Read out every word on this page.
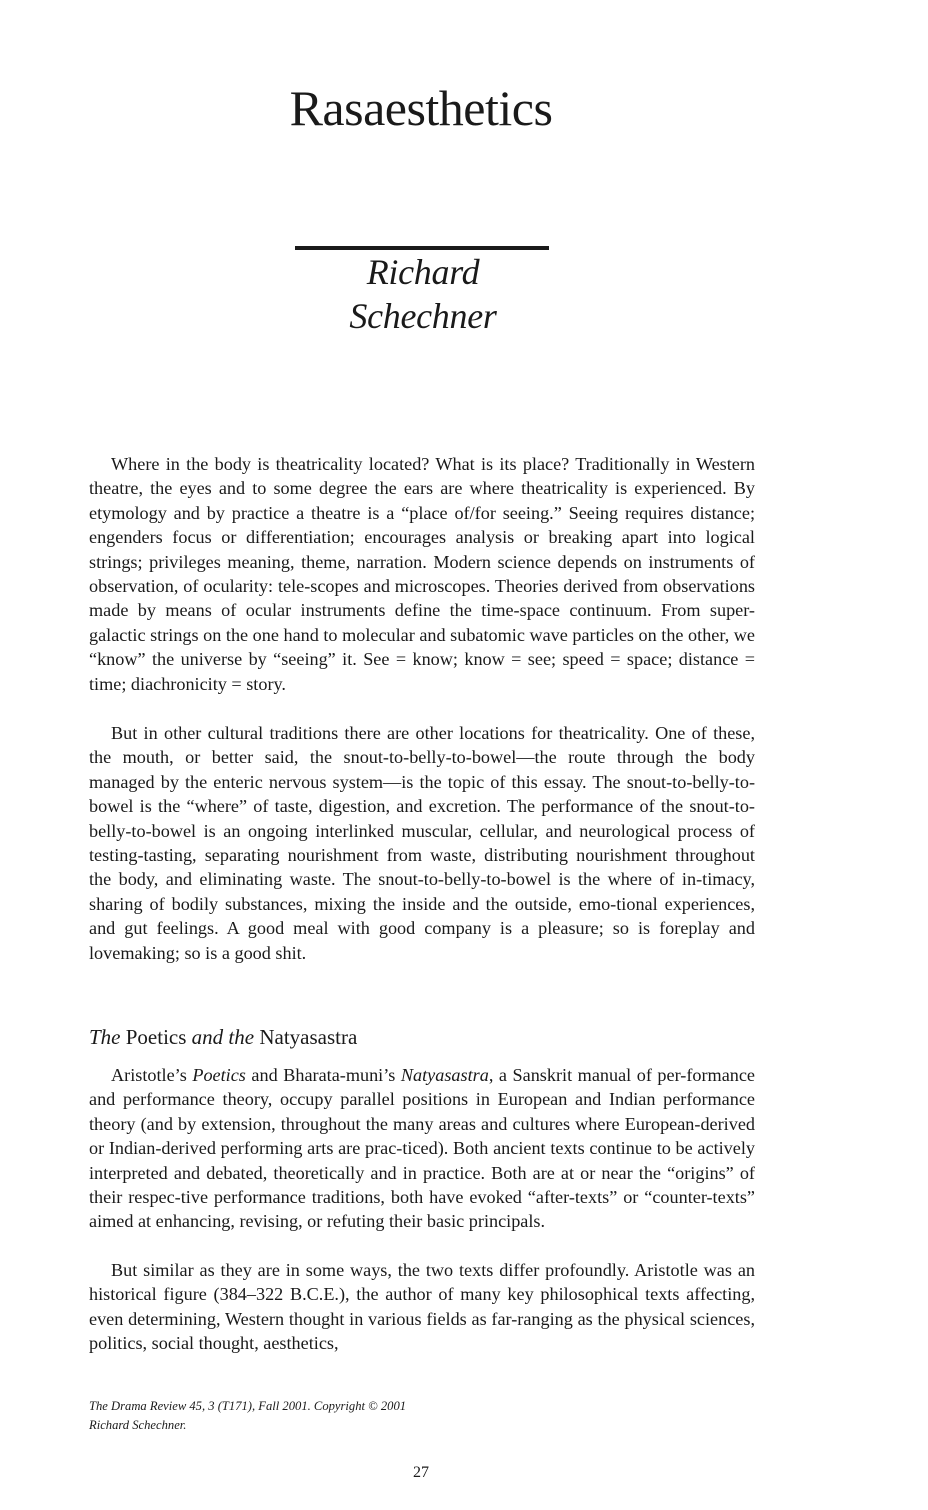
Rasaesthetics
Richard Schechner

Where in the body is theatricality located? What is its place? Traditionally in Western theatre, the eyes and to some degree the ears are where theatricality is experienced. By etymology and by practice a theatre is a “place of/for seeing.” Seeing requires distance; engenders focus or differentiation; encourages analysis or breaking apart into logical strings; privileges meaning, theme, narration. Modern science depends on instruments of observation, of ocularity: tele-scopes and microscopes. Theories derived from observations made by means of ocular instruments define the time-space continuum. From super-galactic strings on the one hand to molecular and subatomic wave particles on the other, we “know” the universe by “seeing” it. See = know; know = see; speed = space; distance = time; diachronicity = story.

But in other cultural traditions there are other locations for theatricality. One of these, the mouth, or better said, the snout-to-belly-to-bowel—the route through the body managed by the enteric nervous system—is the topic of this essay. The snout-to-belly-to-bowel is the “where” of taste, digestion, and excretion. The performance of the snout-to-belly-to-bowel is an ongoing interlinked muscular, cellular, and neurological process of testing-tasting, separating nourishment from waste, distributing nourishment throughout the body, and eliminating waste. The snout-to-belly-to-bowel is the where of in-timacy, sharing of bodily substances, mixing the inside and the outside, emo-tional experiences, and gut feelings. A good meal with good company is a pleasure; so is foreplay and lovemaking; so is a good shit.

The Poetics and the Natyasastra

Aristotle’s Poetics and Bharata-muni’s Natyasastra, a Sanskrit manual of per-formance and performance theory, occupy parallel positions in European and Indian performance theory (and by extension, throughout the many areas and cultures where European-derived or Indian-derived performing arts are prac-ticed). Both ancient texts continue to be actively interpreted and debated, theoretically and in practice. Both are at or near the “origins” of their respec-tive performance traditions, both have evoked “after-texts” or “counter-texts” aimed at enhancing, revising, or refuting their basic principals.

But similar as they are in some ways, the two texts differ profoundly. Aristotle was an historical figure (384–322 B.C.E.), the author of many key philosophical texts affecting, even determining, Western thought in various fields as far-ranging as the physical sciences, politics, social thought, aesthetics,

The Drama Review 45, 3 (T171), Fall 2001. Copyright © 2001
Richard Schechner.
27
